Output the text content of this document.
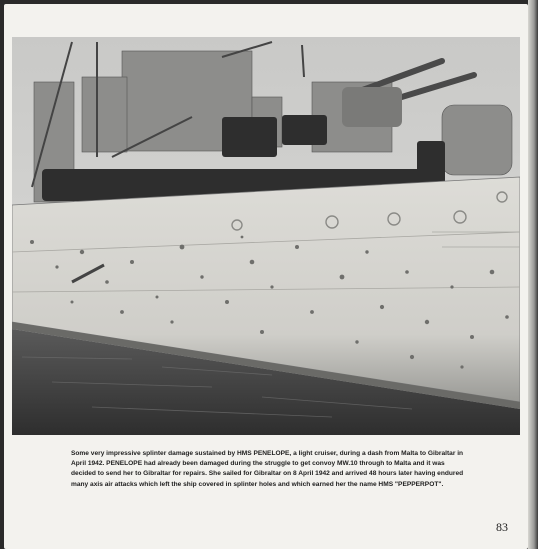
Some very impressive splinter damage sustained by HMS PENELOPE, a light cruiser, during a dash from Malta to Gibraltar in April 1942. PENELOPE had already been damaged during the struggle to get convoy MW.10 through to Malta and it was decided to send her to Gibraltar for repairs. She sailed for Gibraltar on 8 April 1942 and arrived 48 hours later having endured many axis air attacks which left the ship covered in splinter holes and which earned her the name HMS "PEPPERPOT".

83
